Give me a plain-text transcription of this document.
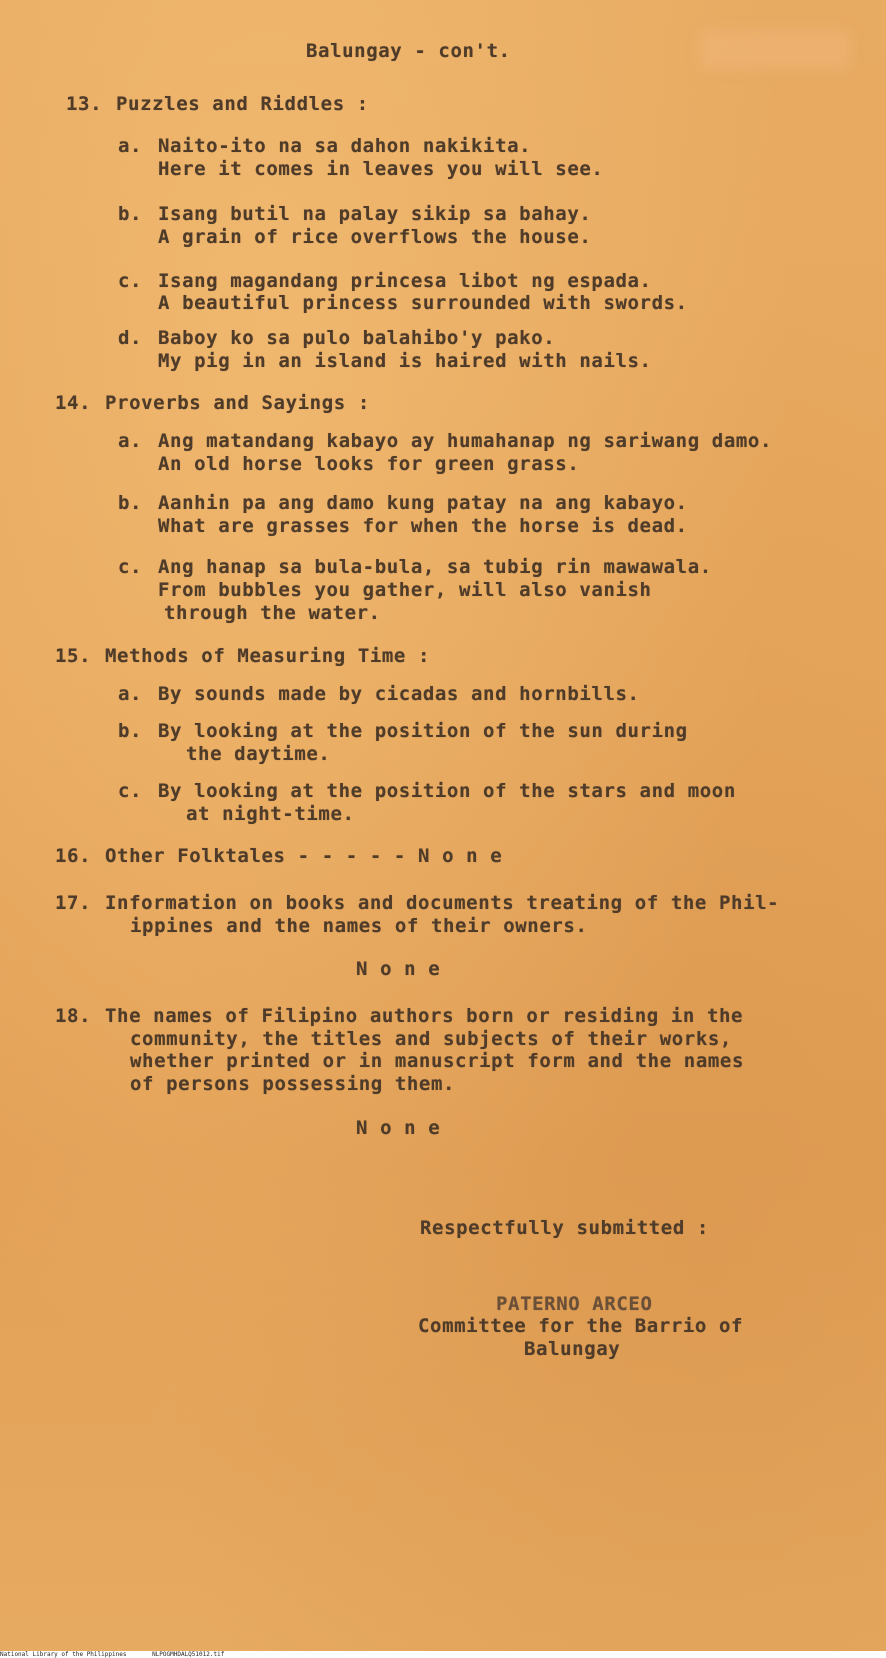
Balungay - con't.
13. Puzzles and Riddles :
a. Naito-ito na sa dahon nakikita.
Here it comes in leaves you will see.
b. Isang butil na palay sikip sa bahay.
A grain of rice overflows the house.
c. Isang magandang princesa libot ng espada.
A beautiful princess surrounded with swords.
d. Baboy ko sa pulo balahibo'y pako.
My pig in an island is haired with nails.
14. Proverbs and Sayings :
a. Ang matandang kabayo ay humahanap ng sariwang damo.
An old horse looks for green grass.
b. Aanhin pa ang damo kung patay na ang kabayo.
What are grasses for when the horse is dead.
c. Ang hanap sa bula-bula, sa tubig rin mawawala.
From bubbles you gather, will also vanish
through the water.
15. Methods of Measuring Time :
a. By sounds made by cicadas and hornbills.
b. By looking at the position of the sun during
the daytime.
c. By looking at the position of the stars and moon
at night-time.
16. Other Folktales - - - - - N o n e
17. Information on books and documents treating of the Phil-
ippines and the names of their owners.
N o n e
18. The names of Filipino authors born or residing in the
community, the titles and subjects of their works,
whether printed or in manuscript form and the names
of persons possessing them.
N o n e
Respectfully submitted :
PATERNO ARCEO
Committee for the Barrio of
Balungay
National Library of the Philippines	NLPOGMHDALQ51012.tif
